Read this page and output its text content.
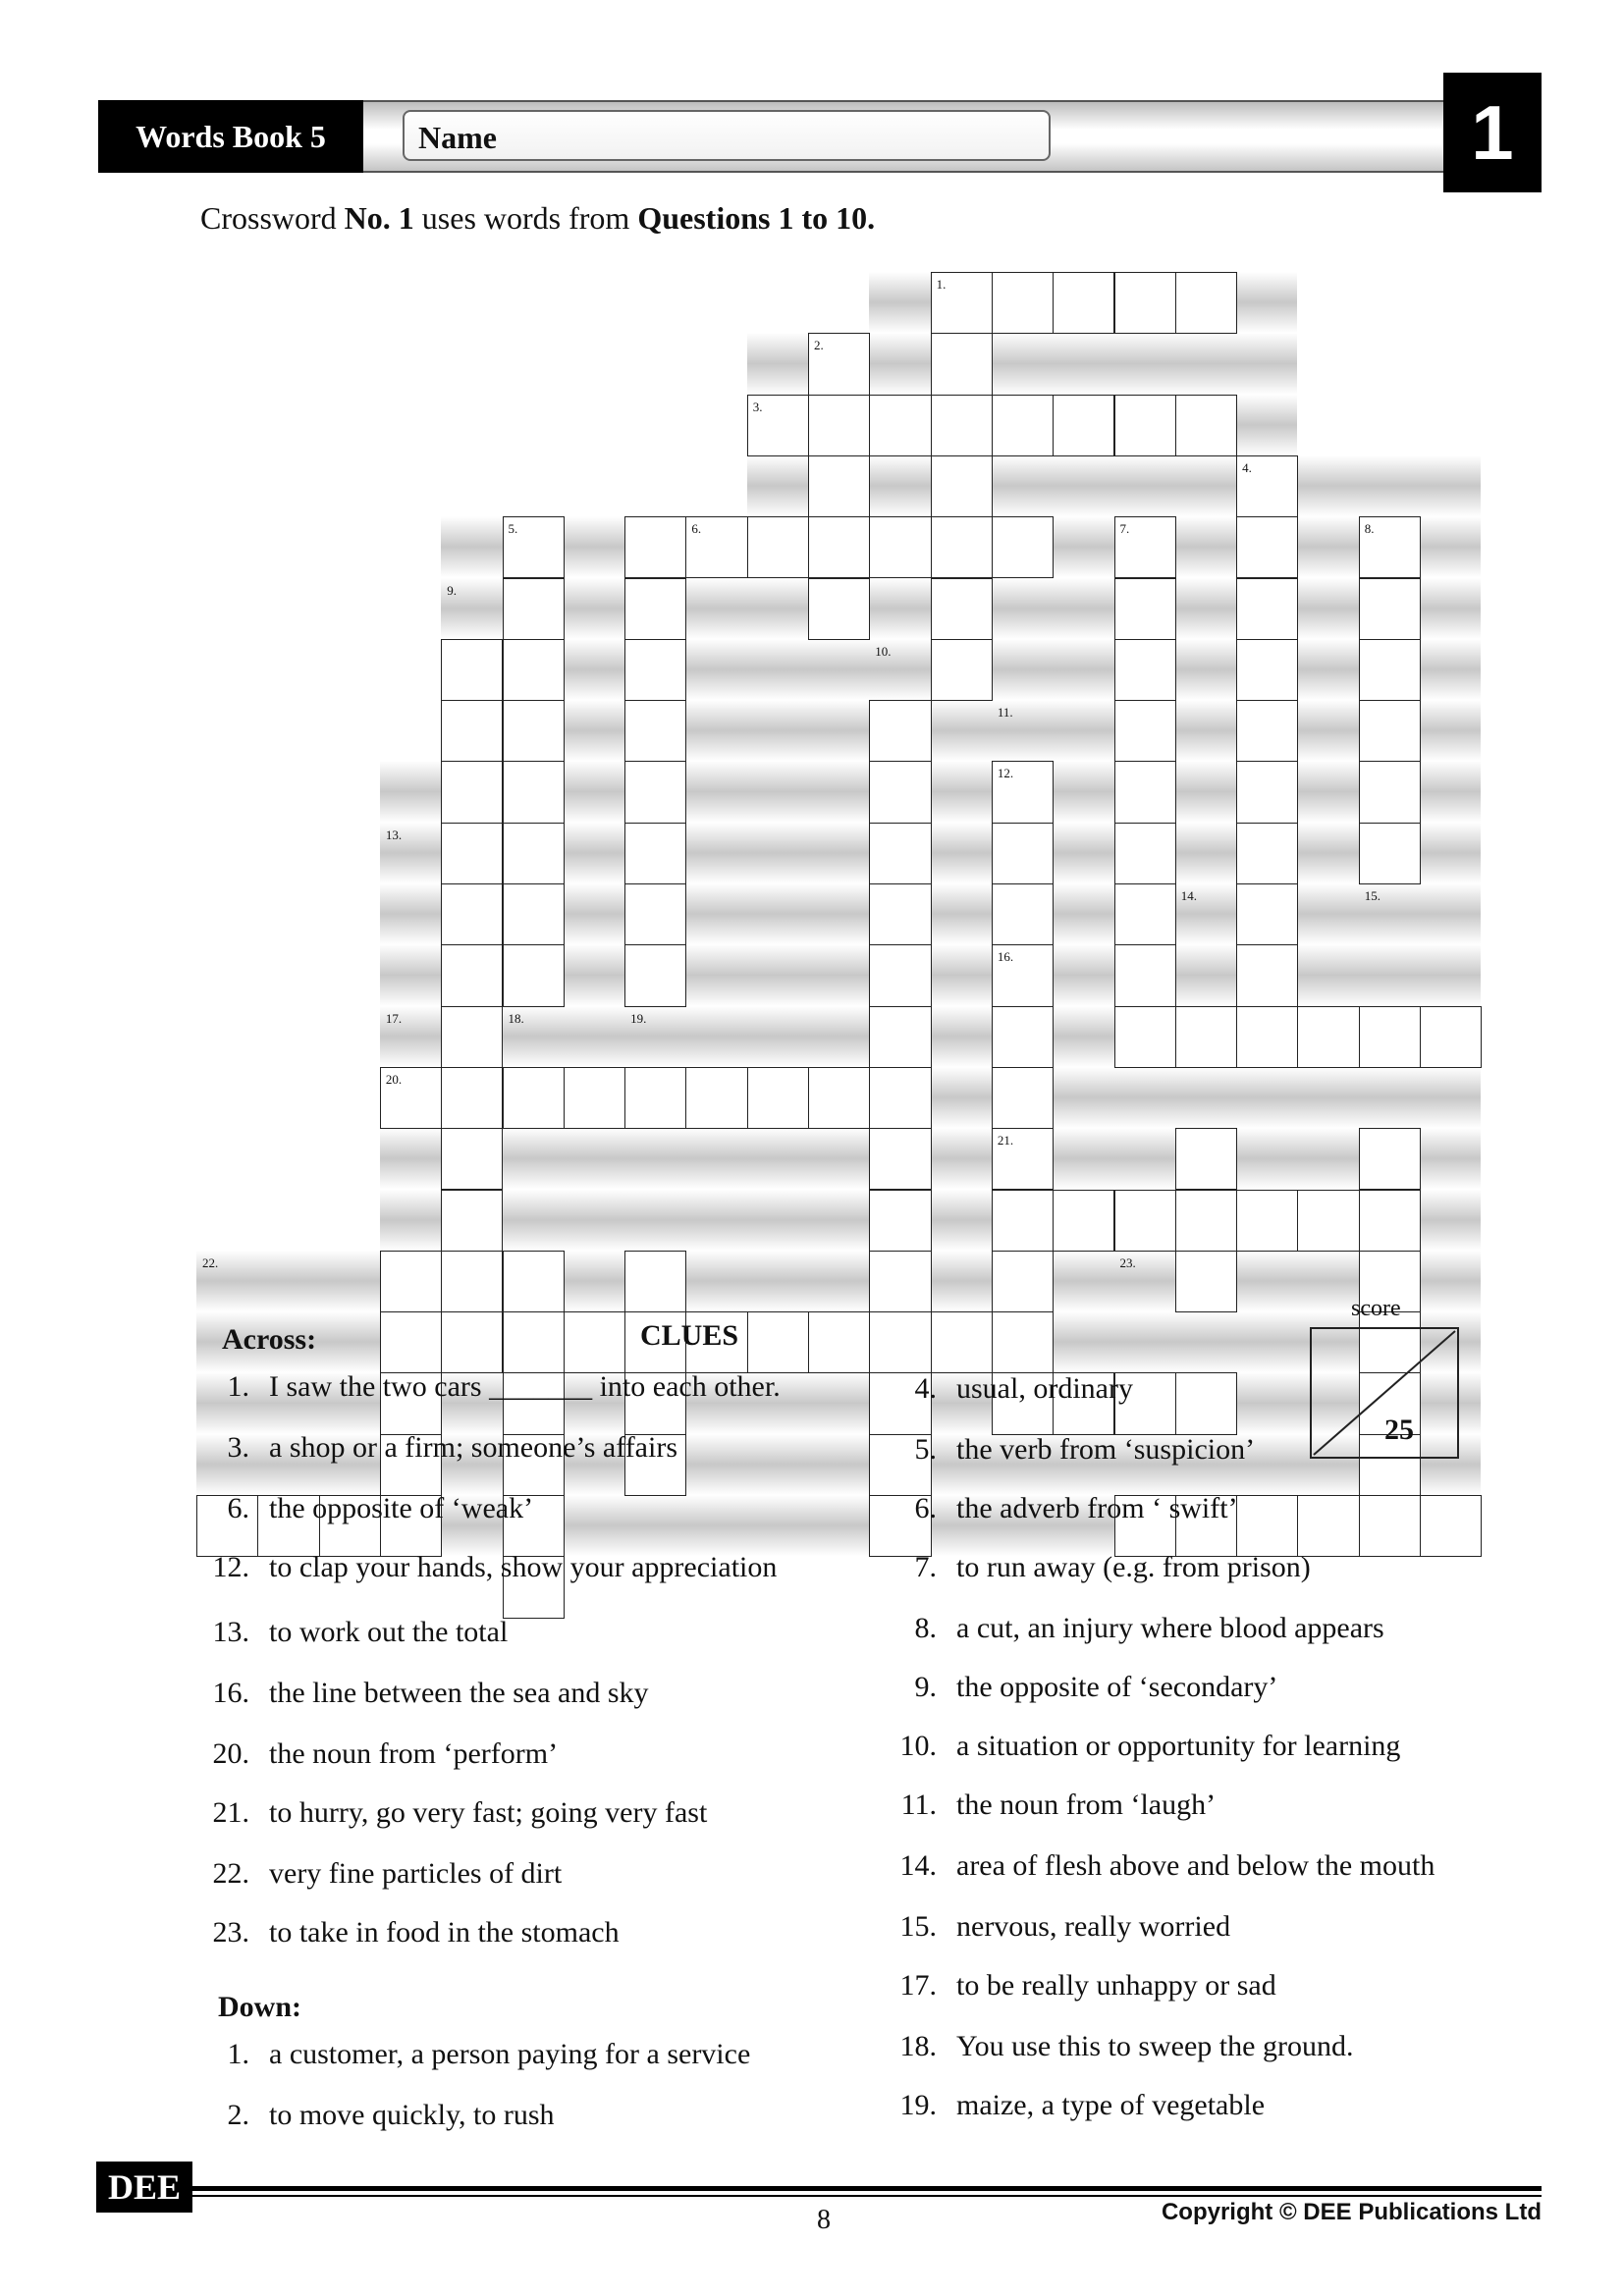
Words Book 5	Name	1
Crossword No. 1 uses words from Questions 1 to 10.
1.
2.
3.
4.
5.	6.	7.	8.
9.
10.
11.
12.
13.
14.	15.
16.
17.	18.	19.
20.
21.
22.	23.
Across:	CLUES
Down:
1. I saw the two cars _______ into each other.
3. a shop or a firm; someone’s affairs
6. the opposite of ‘weak’
12. to clap your hands, show your appreciation
13. to work out the total
16. the line between the sea and sky
20. the noun from ‘perform’
21. to hurry, go very fast; going very fast
22. very fine particles of dirt
23. to take in food in the stomach
1. a customer, a person paying for a service
2. to move quickly, to rush
4. usual, ordinary
5. the verb from ‘suspicion’
6. the adverb from ‘ swift’
7. to run away (e.g. from prison)
8. a cut, an injury where blood appears
9. the opposite of ‘secondary’
10. a situation or opportunity for learning
11. the noun from ‘laugh’
14. area of flesh above and below the mouth
15. nervous, really worried
17. to be really unhappy or sad
18. You use this to sweep the ground.
19. maize, a type of vegetable
score
25
DEE
8	Copyright © DEE Publications Ltd
